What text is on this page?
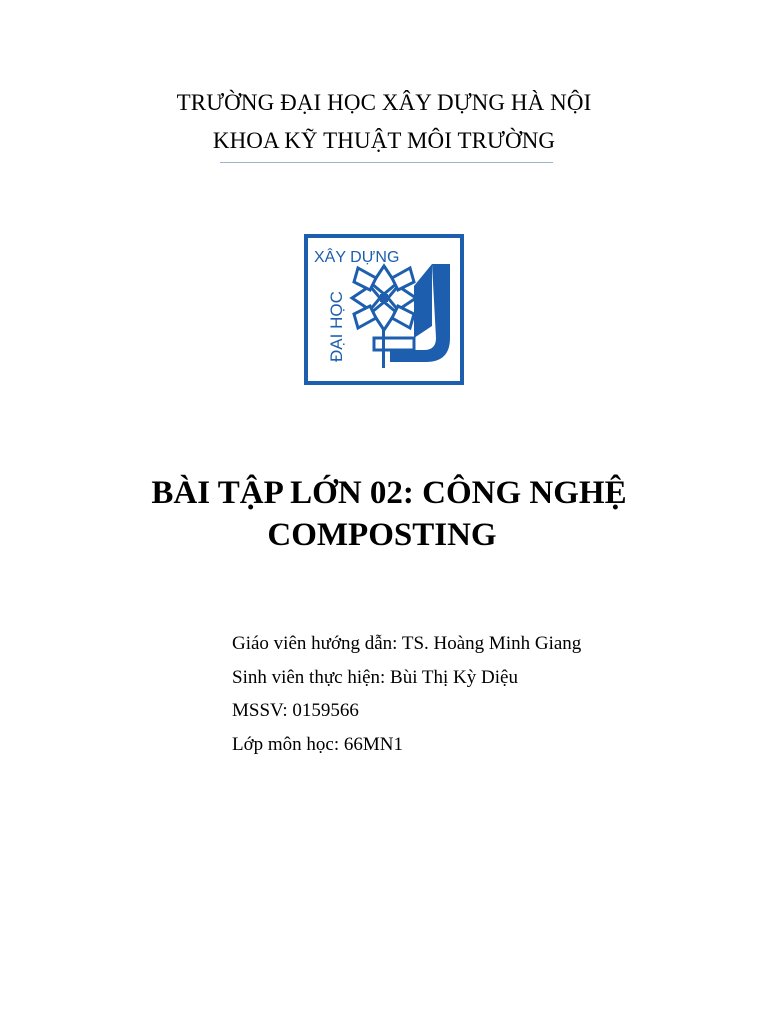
TRƯỜNG ĐẠI HỌC XÂY DỰNG HÀ NỘI
KHOA KỸ THUẬT MÔI TRƯỜNG
XÂY DỰNG
ĐẠI HỌC
BÀI TẬP LỚN 02: CÔNG NGHỆ
COMPOSTING
Giáo viên hướng dẫn: TS. Hoàng Minh Giang
Sinh viên thực hiện: Bùi Thị Kỳ Diệu
MSSV: 0159566
Lớp môn học: 66MN1
